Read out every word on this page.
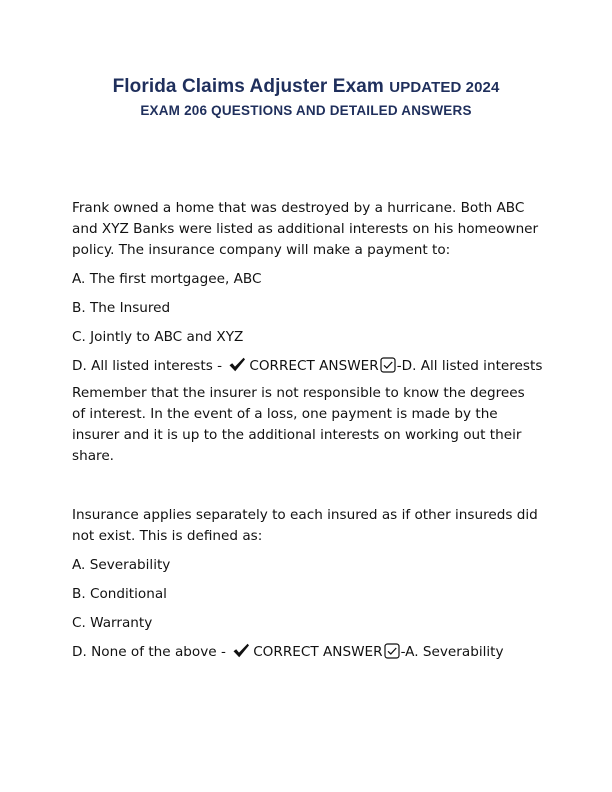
Florida Claims Adjuster Exam UPDATED 2024
EXAM 206 QUESTIONS AND DETAILED ANSWERS

Frank owned a home that was destroyed by a hurricane. Both ABC and XYZ Banks were listed as additional interests on his homeowner policy. The insurance company will make a payment to:

A. The first mortgagee, ABC
B. The Insured
C. Jointly to ABC and XYZ
D. All listed interests - CORRECT ANSWER -D. All listed interests
Remember that the insurer is not responsible to know the degrees of interest. In the event of a loss, one payment is made by the insurer and it is up to the additional interests on working out their share.

Insurance applies separately to each insured as if other insureds did not exist. This is defined as:

A. Severability
B. Conditional
C. Warranty
D. None of the above - CORRECT ANSWER -A. Severability
